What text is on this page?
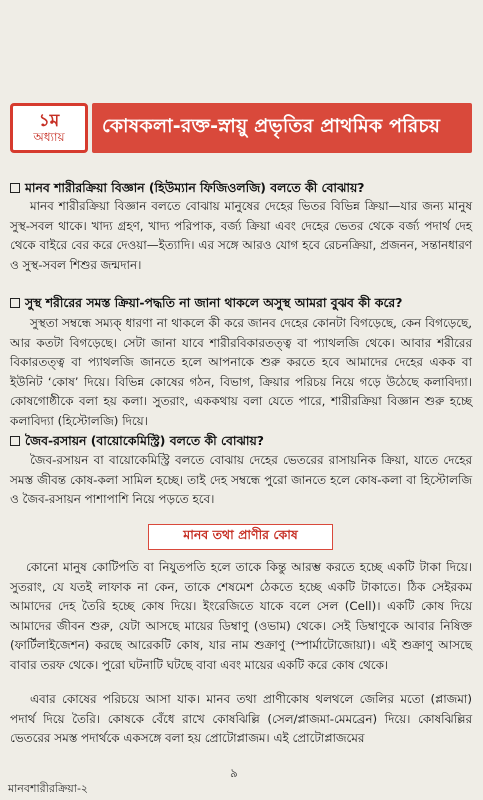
১ম
অধ্যায়	কোষকলা-রক্ত-স্নায়ু প্রভৃতির প্রাথমিক পরিচয়
মানব শারীরক্রিয়া বিজ্ঞান (হিউম্যান ফিজিওলজি) বলতে কী বোঝায়?
মানব শারীরক্রিয়া বিজ্ঞান বলতে বোঝায় মানুষের দেহের ভিতর বিভিন্ন ক্রিয়া—যার জন্য মানুষ সুস্থ-সবল থাকে। খাদ্য গ্রহণ, খাদ্য পরিপাক, বর্জ্য ক্রিয়া এবং দেহের ভেতর থেকে বর্জ্য পদার্থ দেহ থেকে বাইরে বের করে দেওয়া—ইত্যাদি। এর সঙ্গে আরও যোগ হবে রেচনক্রিয়া, প্রজনন, সন্তানধারণ ও সুস্থ-সবল শিশুর জন্মদান।
সুস্থ শরীরের সমস্ত ক্রিয়া-পদ্ধতি না জানা থাকলে অসুস্থ আমরা বুঝব কী করে?
সুস্থতা সম্বন্ধে সম্যক্ ধারণা না থাকলে কী করে জানব দেহের কোনটা বিগড়েছে, কেন বিগড়েছে, আর কতটা বিগড়েছে। সেটা জানা যাবে শারীরবিকারতত্ত্ব বা প্যাথলজি থেকে। আবার শরীরের বিকারতত্ত্ব বা প্যাথলজি জানতে হলে আপনাকে শুরু করতে হবে আমাদের দেহের একক বা ইউনিট ‘কোষ’ দিয়ে। বিভিন্ন কোষের গঠন, বিভাগ, ক্রিয়ার পরিচয় নিয়ে গড়ে উঠেছে কলাবিদ্যা। কোষগোষ্ঠীকে বলা হয় কলা। সুতরাং, এককথায় বলা যেতে পারে, শারীরক্রিয়া বিজ্ঞান শুরু হচ্ছে কলাবিদ্যা (হিস্টোলজি) দিয়ে।
জৈব-রসায়ন (বায়োকেমিস্ট্রি) বলতে কী বোঝায়?
জৈব-রসায়ন বা বায়োকেমিস্ট্রি বলতে বোঝায় দেহের ভেতরের রাসায়নিক ক্রিয়া, যাতে দেহের সমস্ত জীবন্ত কোষ-কলা সামিল হচ্ছে। তাই দেহ সম্বন্ধে পুরো জানতে হলে কোষ-কলা বা হিস্টোলজি ও জৈব-রসায়ন পাশাপাশি নিয়ে পড়তে হবে।
মানব তথা প্রাণীর কোষ
কোনো মানুষ কোটিপতি বা নিযুতপতি হলে তাকে কিন্তু আরম্ভ করতে হচ্ছে একটি টাকা দিয়ে। সুতরাং, যে যতই লাফাক না কেন, তাকে শেষমেশ ঠেকতে হচ্ছে একটি টাকাতে। ঠিক সেইরকম আমাদের দেহ তৈরি হচ্ছে কোষ দিয়ে। ইংরেজিতে যাকে বলে সেল (Cell)। একটি কোষ দিয়ে আমাদের জীবন শুরু, যেটা আসছে মায়ের ডিম্বাণু (ওভাম) থেকে। সেই ডিম্বাণুকে আবার নিষিক্ত (ফার্টিলাইজেশন) করছে আরেকটি কোষ, যার নাম শুক্রাণু (স্পার্মাটোজোয়া)। এই শুক্রাণু আসছে বাবার তরফ থেকে। পুরো ঘটনাটি ঘটছে বাবা এবং মায়ের একটি করে কোষ থেকে।
এবার কোষের পরিচয়ে আসা যাক। মানব তথা প্রাণীকোষ থলথলে জেলির মতো (প্লাজমা) পদার্থ দিয়ে তৈরি। কোষকে বেঁধে রাখে কোষঝিল্লি (সেল/প্লাজমা-মেমব্রেন) দিয়ে। কোষঝিল্লির ভেতরের সমস্ত পদার্থকে একসঙ্গে বলা হয় প্রোটোপ্লাজম। এই প্রোটোপ্লাজমের
৯
মানবশারীরক্রিয়া-২
